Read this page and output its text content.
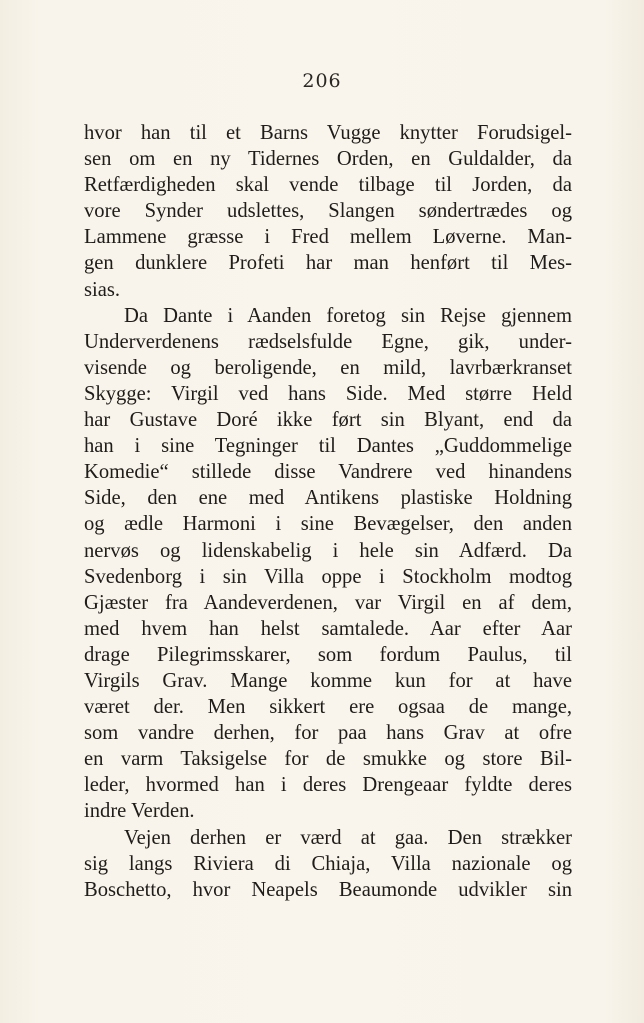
206
hvor han til et Barns Vugge knytter Forudsigel-
sen om en ny Tidernes Orden, en Guldalder, da
Retfærdigheden skal vende tilbage til Jorden, da
vore Synder udslettes, Slangen søndertrædes og
Lammene græsse i Fred mellem Løverne. Man-
gen dunklere Profeti har man henført til Mes-
sias.
Da Dante i Aanden foretog sin Rejse gjennem
Underverdenens rædselsfulde Egne, gik, under-
visende og beroligende, en mild, lavrbærkranset
Skygge: Virgil ved hans Side. Med større Held
har Gustave Doré ikke ført sin Blyant, end da
han i sine Tegninger til Dantes „Guddommelige
Komedie“ stillede disse Vandrere ved hinandens
Side, den ene med Antikens plastiske Holdning
og ædle Harmoni i sine Bevægelser, den anden
nervøs og lidenskabelig i hele sin Adfærd. Da
Svedenborg i sin Villa oppe i Stockholm modtog
Gjæster fra Aandeverdenen, var Virgil en af dem,
med hvem han helst samtalede. Aar efter Aar
drage Pilegrimsskarer, som fordum Paulus, til
Virgils Grav. Mange komme kun for at have
været der. Men sikkert ere ogsaa de mange,
som vandre derhen, for paa hans Grav at ofre
en varm Taksigelse for de smukke og store Bil-
leder, hvormed han i deres Drengeaar fyldte deres
indre Verden.
Vejen derhen er værd at gaa. Den strækker
sig langs Riviera di Chiaja, Villa nazionale og
Boschetto, hvor Neapels Beaumonde udvikler sin
